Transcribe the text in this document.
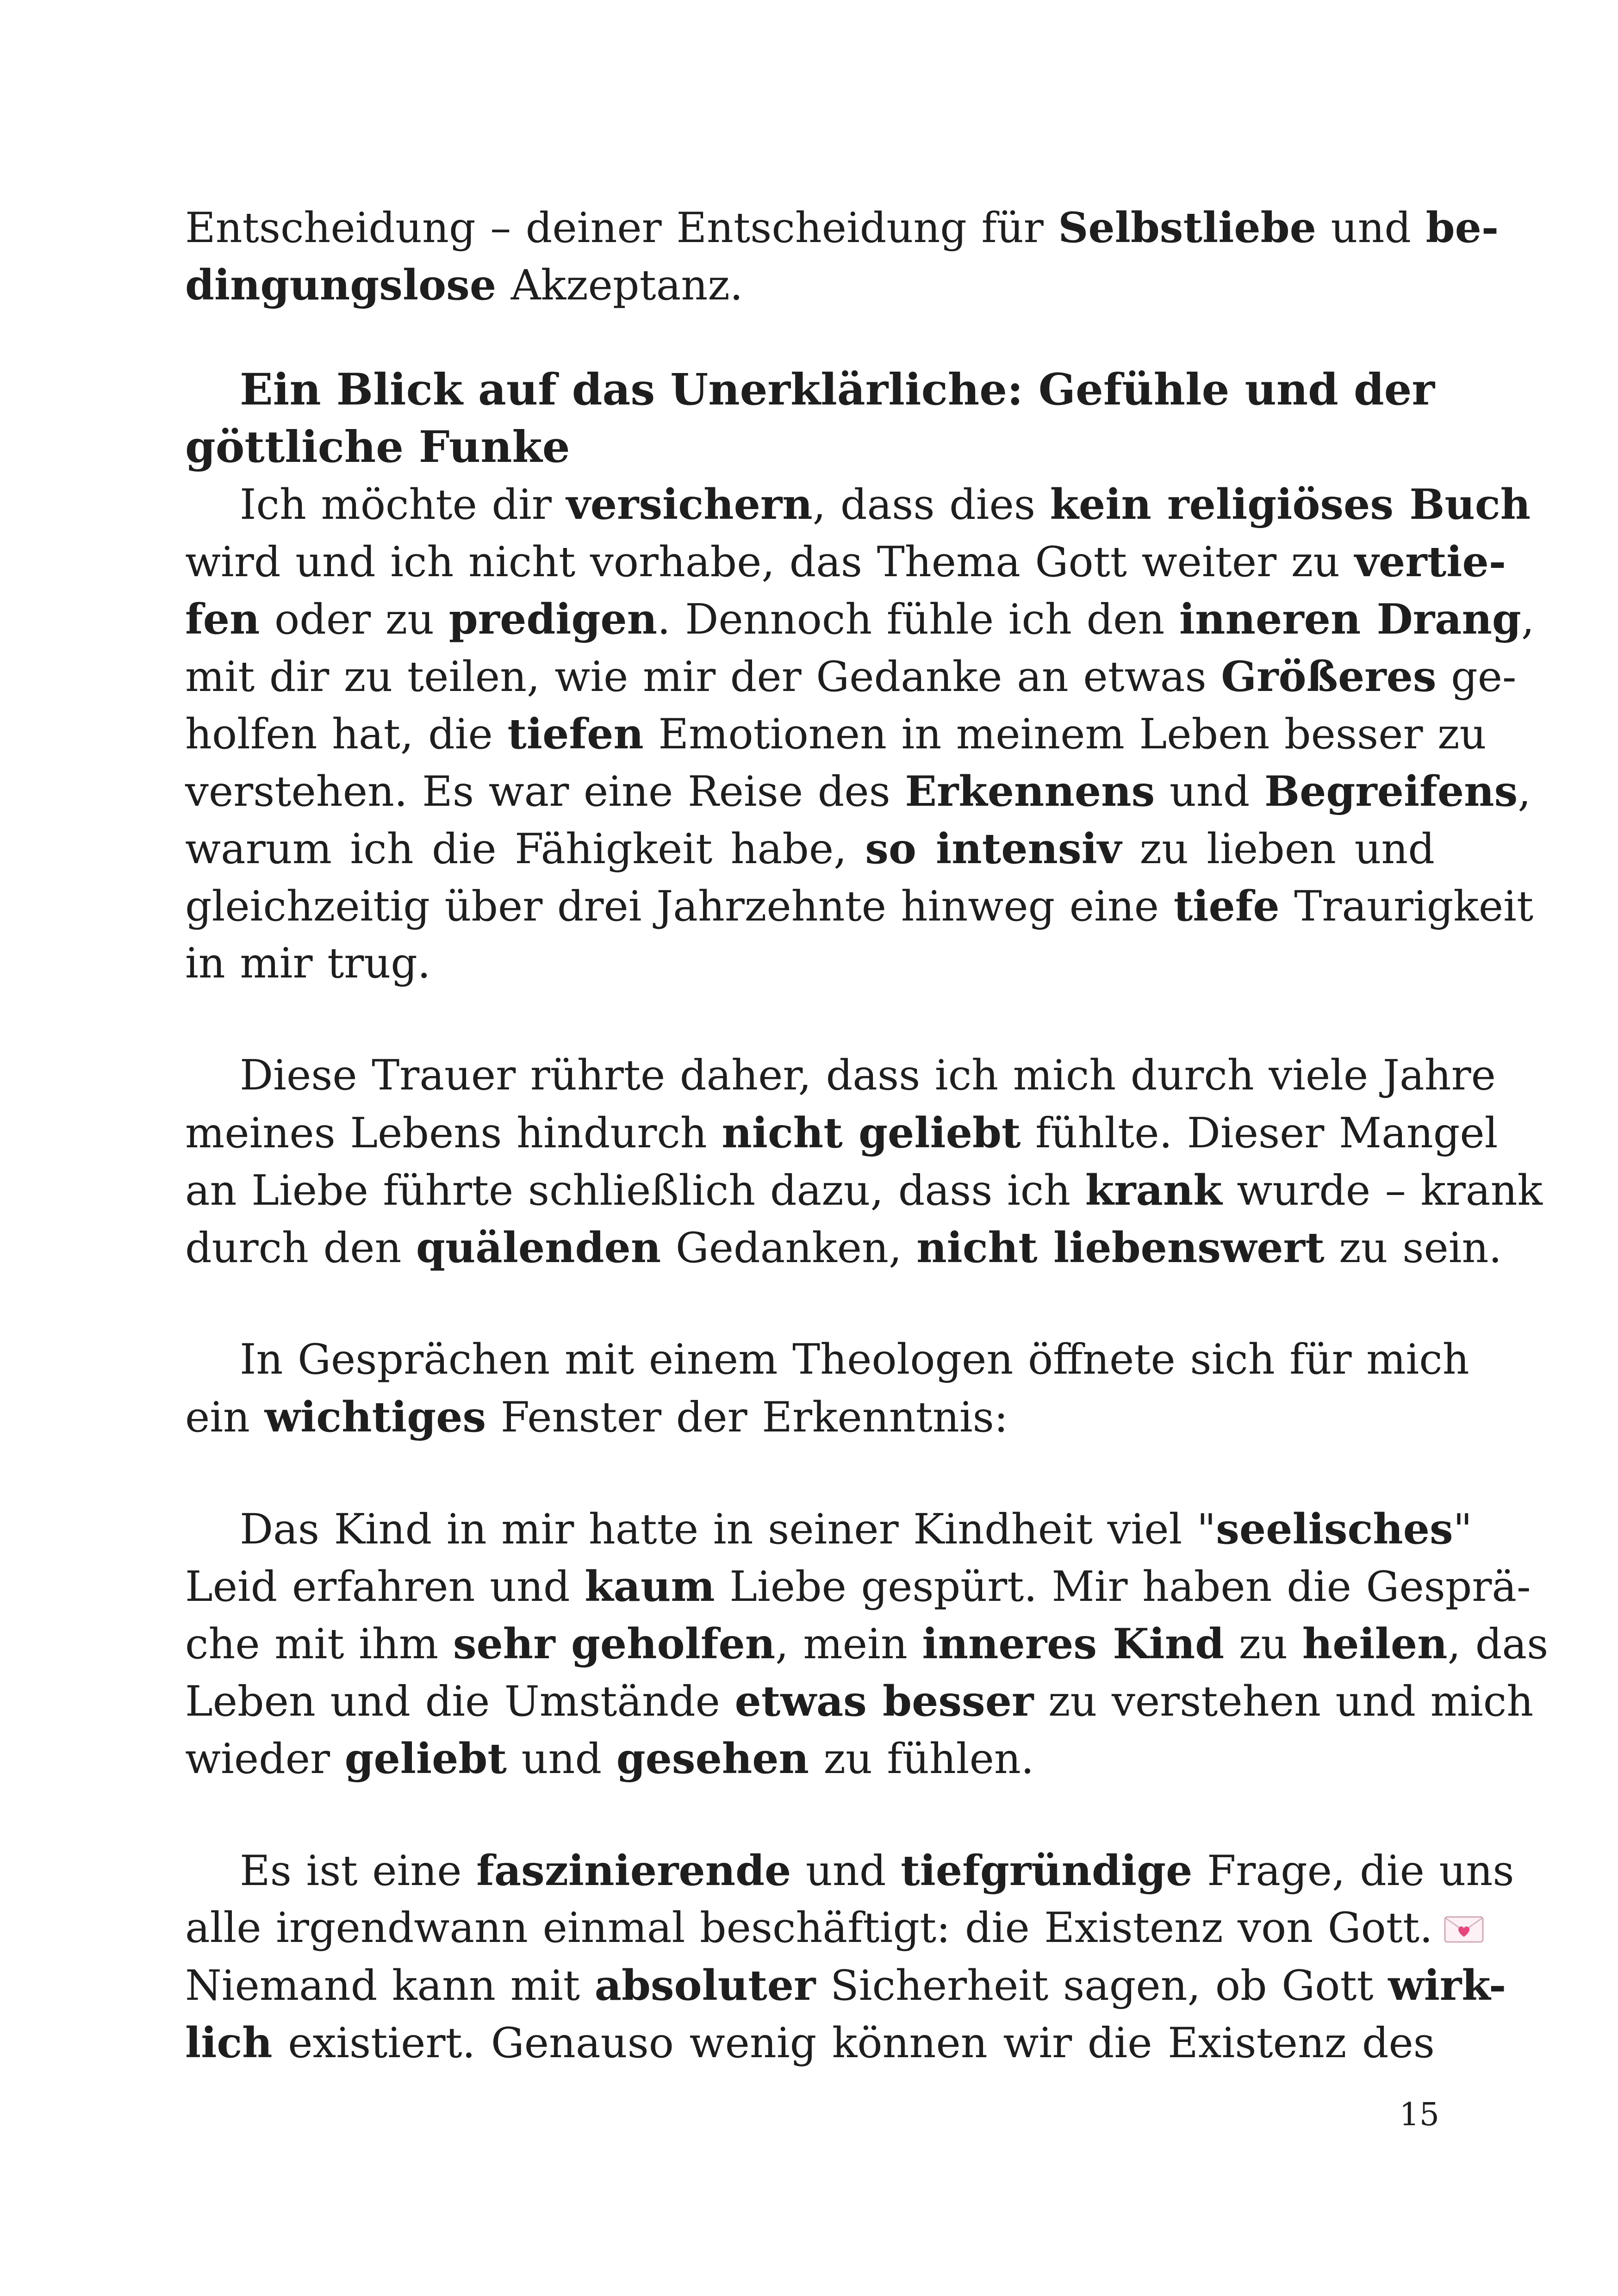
Entscheidung – deiner Entscheidung für Selbstliebe und be-
dingungslose Akzeptanz.
Ein Blick auf das Unerklärliche: Gefühle und der
göttliche Funke
Ich möchte dir versichern, dass dies kein religiöses Buch
wird und ich nicht vorhabe, das Thema Gott weiter zu vertie-
fen oder zu predigen. Dennoch fühle ich den inneren Drang,
mit dir zu teilen, wie mir der Gedanke an etwas Größeres ge-
holfen hat, die tiefen Emotionen in meinem Leben besser zu
verstehen. Es war eine Reise des Erkennens und Begreifens,
warum ich die Fähigkeit habe, so intensiv zu lieben und
gleichzeitig über drei Jahrzehnte hinweg eine tiefe Traurigkeit
in mir trug.
Diese Trauer rührte daher, dass ich mich durch viele Jahre
meines Lebens hindurch nicht geliebt fühlte. Dieser Mangel
an Liebe führte schließlich dazu, dass ich krank wurde – krank
durch den quälenden Gedanken, nicht liebenswert zu sein.
In Gesprächen mit einem Theologen öffnete sich für mich
ein wichtiges Fenster der Erkenntnis:
Das Kind in mir hatte in seiner Kindheit viel "seelisches"
Leid erfahren und kaum Liebe gespürt. Mir haben die Gesprä-
che mit ihm sehr geholfen, mein inneres Kind zu heilen, das
Leben und die Umstände etwas besser zu verstehen und mich
wieder geliebt und gesehen zu fühlen.
Es ist eine faszinierende und tiefgründige Frage, die uns
alle irgendwann einmal beschäftigt: die Existenz von Gott.
Niemand kann mit absoluter Sicherheit sagen, ob Gott wirk-
lich existiert. Genauso wenig können wir die Existenz des
15
